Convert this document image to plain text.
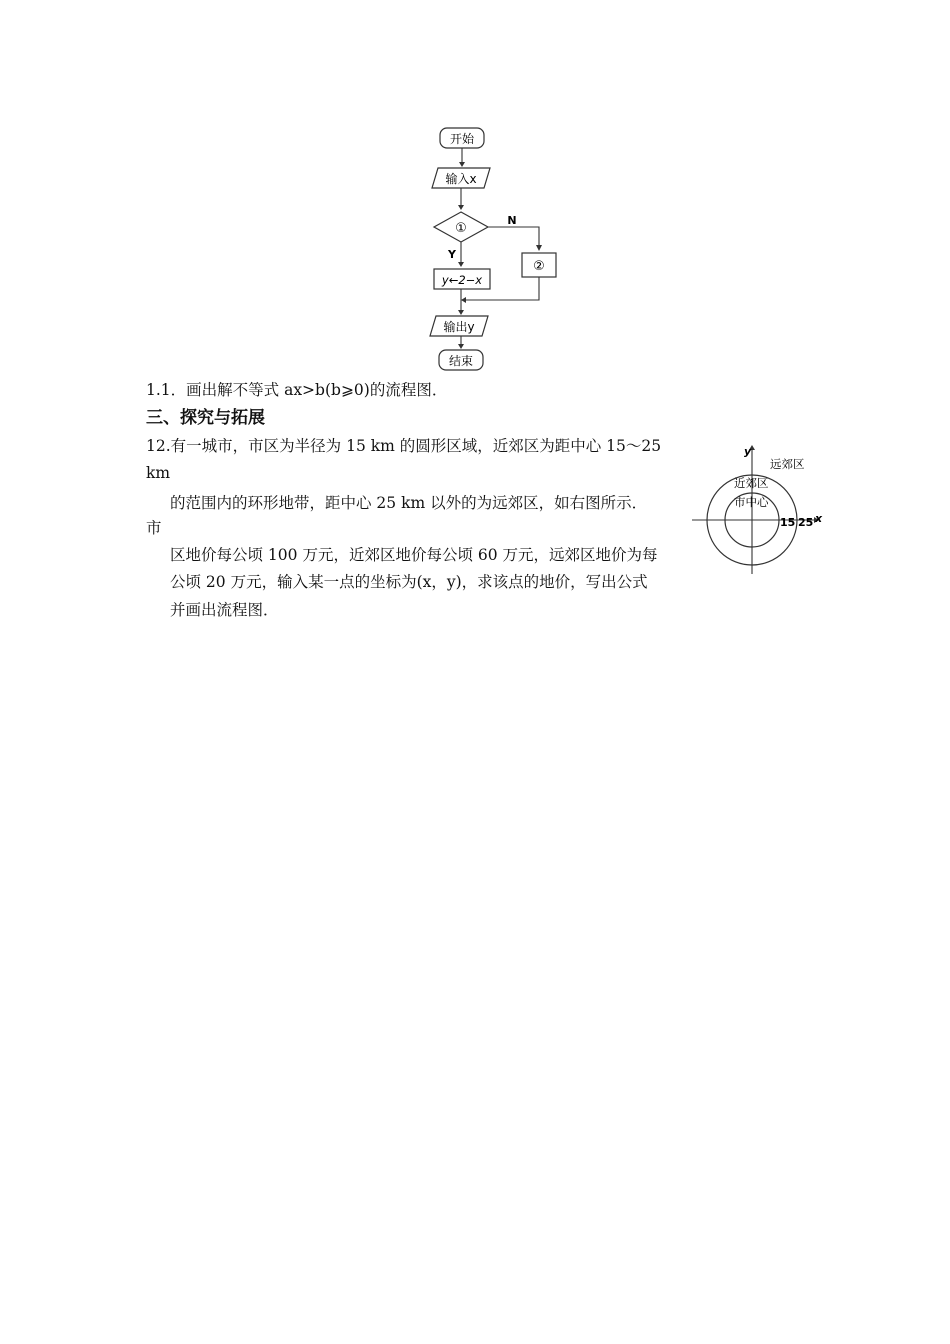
开始
输入x
①
N
②
Y
y←2−x
输出y
结束
1.1．画出解不等式 ax>b(b⩾0)的流程图．
三、探究与拓展
12.有一城市，市区为半径为 15 km 的圆形区域，近郊区为距中心 15～25
km
的范围内的环形地带，距中心 25 km 以外的为远郊区，如右图所示．
市
区地价每公顷 100 万元，近郊区地价每公顷 60 万元，远郊区地价为每
公顷 20 万元，输入某一点的坐标为(x，y)，求该点的地价，写出公式
并画出流程图．
y
x
远郊区
近郊区
市中心
15 25
